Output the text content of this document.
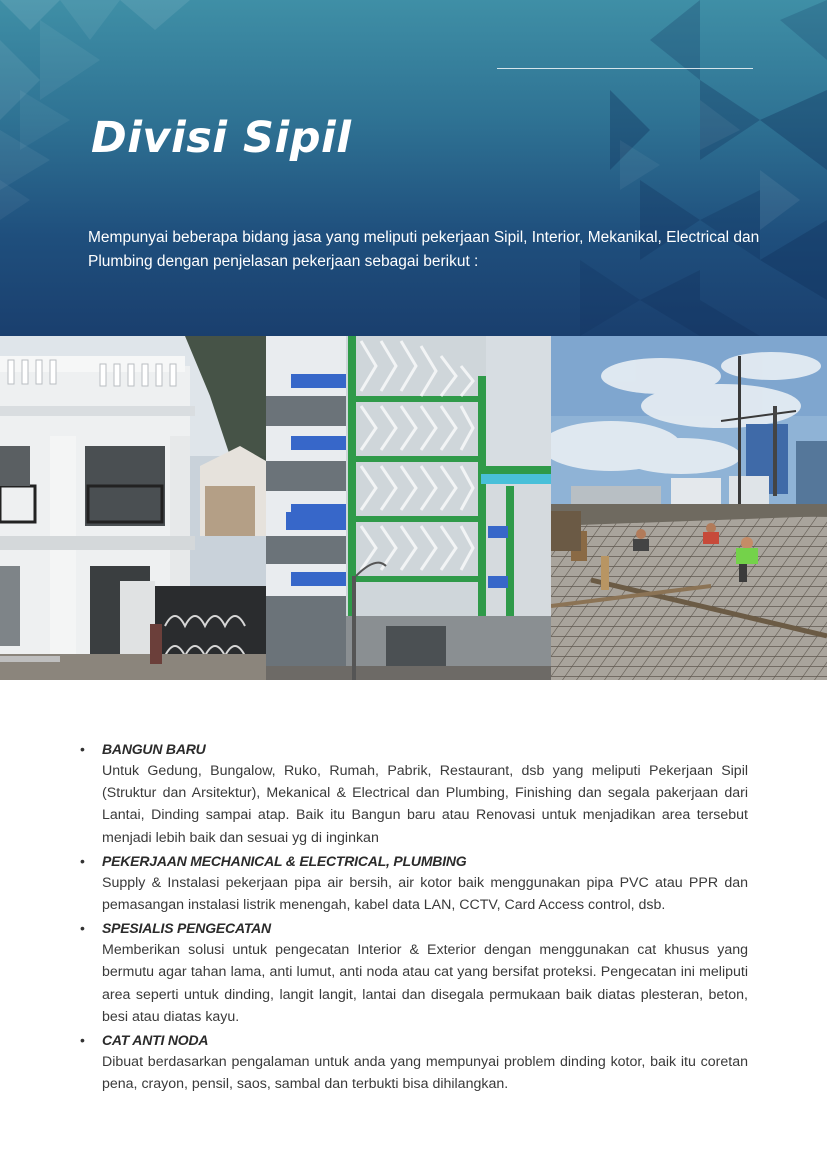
Divisi Sipil
Mempunyai beberapa bidang jasa yang meliputi pekerjaan Sipil, Interior, Mekanikal, Electrical dan Plumbing dengan penjelasan pekerjaan sebagai berikut :
• BANGUN BARU
Untuk Gedung, Bungalow, Ruko, Rumah, Pabrik, Restaurant, dsb yang meliputi Pekerjaan Sipil (Struktur dan Arsitektur), Mekanical & Electrical dan Plumbing, Finishing dan segala pakerjaan dari Lantai, Dinding sampai atap. Baik itu Bangun baru atau Renovasi untuk menjadikan area tersebut menjadi lebih baik dan sesuai yg di inginkan
• PEKERJAAN MECHANICAL & ELECTRICAL, PLUMBING
Supply & Instalasi pekerjaan pipa air bersih, air kotor baik menggunakan pipa PVC atau PPR dan pemasangan instalasi listrik menengah, kabel data LAN, CCTV, Card Access control, dsb.
• SPESIALIS PENGECATAN
Memberikan solusi untuk pengecatan Interior & Exterior dengan menggunakan cat khusus yang bermutu agar tahan lama, anti lumut, anti noda atau cat yang bersifat proteksi. Pengecatan ini meliputi area seperti untuk dinding, langit langit, lantai dan disegala permukaan baik diatas plesteran, beton, besi atau diatas kayu.
• CAT ANTI NODA
Dibuat berdasarkan pengalaman untuk anda yang mempunyai problem dinding kotor, baik itu coretan pena, crayon, pensil, saos, sambal dan terbukti bisa dihilangkan.
